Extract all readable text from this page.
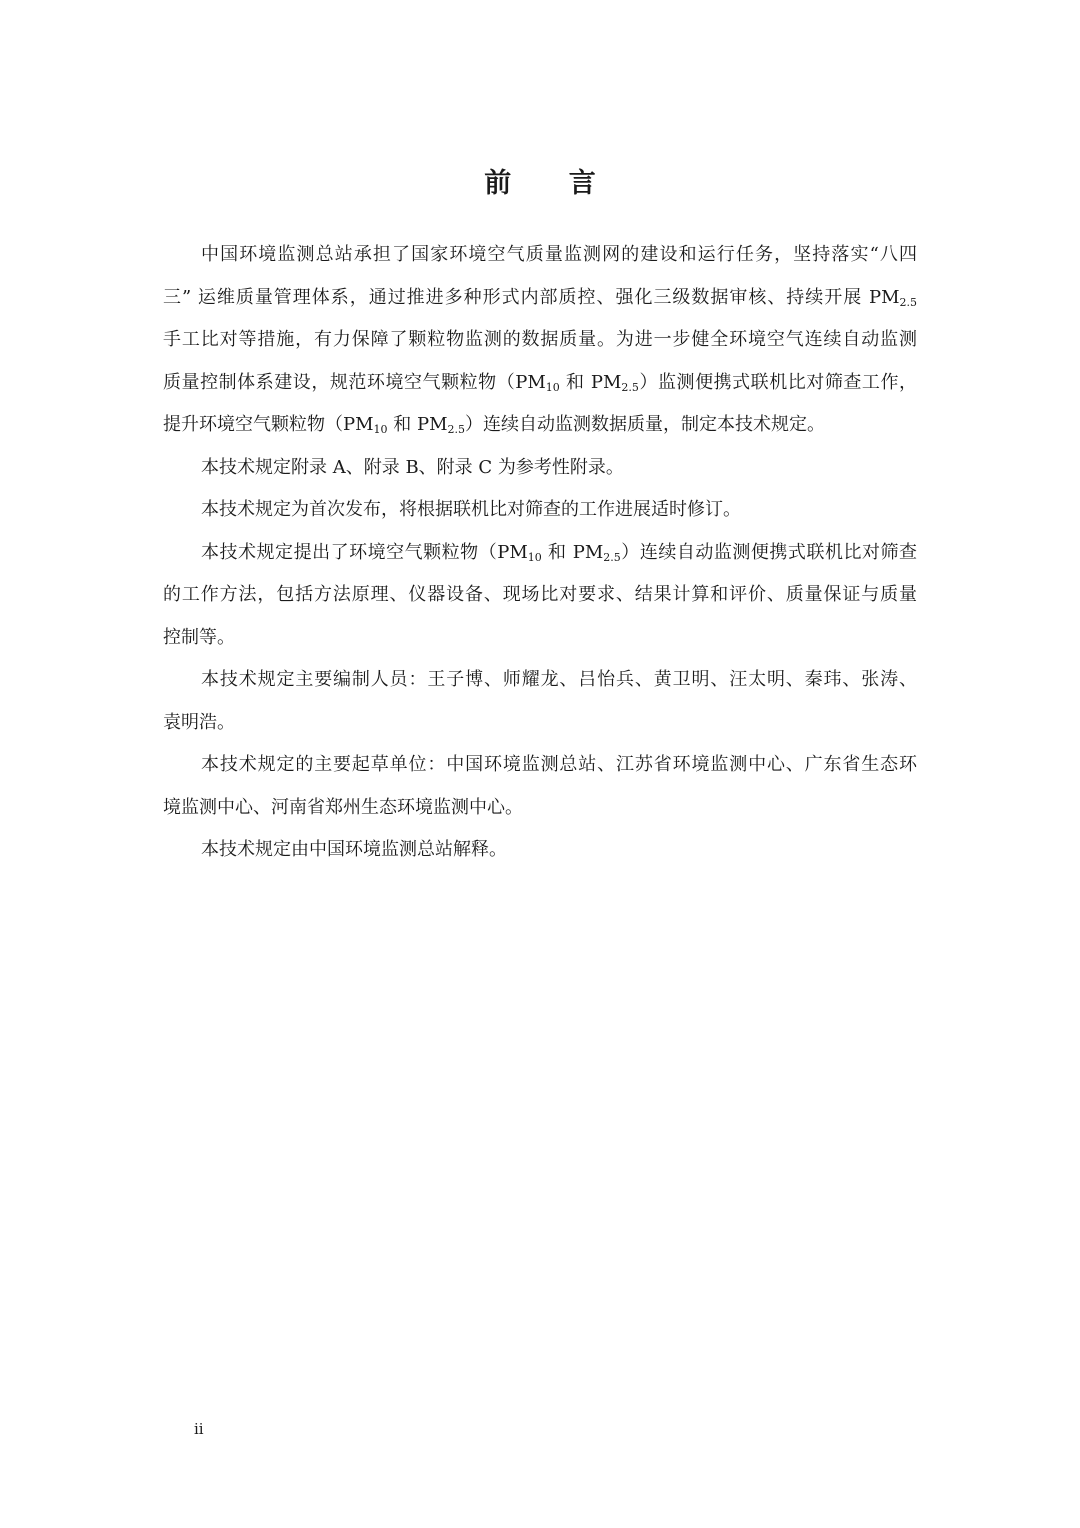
前 言

中国环境监测总站承担了国家环境空气质量监测网的建设和运行任务，坚持落实“八四
三” 运维质量管理体系，通过推进多种形式内部质控、强化三级数据审核、持续开展 $PM_{2.5}$
手工比对等措施，有力保障了颗粒物监测的数据质量。为进一步健全环境空气连续自动监测
质量控制体系建设，规范环境空气颗粒物（$PM_{10}$ 和 $PM_{2.5}$）监测便携式联机比对筛查工作，
提升环境空气颗粒物（$PM_{10}$ 和 $PM_{2.5}$）连续自动监测数据质量，制定本技术规定。

本技术规定附录 A、附录 B、附录 C 为参考性附录。

本技术规定为首次发布，将根据联机比对筛查的工作进展适时修订。

本技术规定提出了环境空气颗粒物（$PM_{10}$ 和 $PM_{2.5}$）连续自动监测便携式联机比对筛查
的工作方法，包括方法原理、仪器设备、现场比对要求、结果计算和评价、质量保证与质量
控制等。

本技术规定主要编制人员：王子博、师耀龙、吕怡兵、黄卫明、汪太明、秦玮、张涛、
袁明浩。

本技术规定的主要起草单位：中国环境监测总站、江苏省环境监测中心、广东省生态环
境监测中心、河南省郑州生态环境监测中心。

本技术规定由中国环境监测总站解释。

ii
